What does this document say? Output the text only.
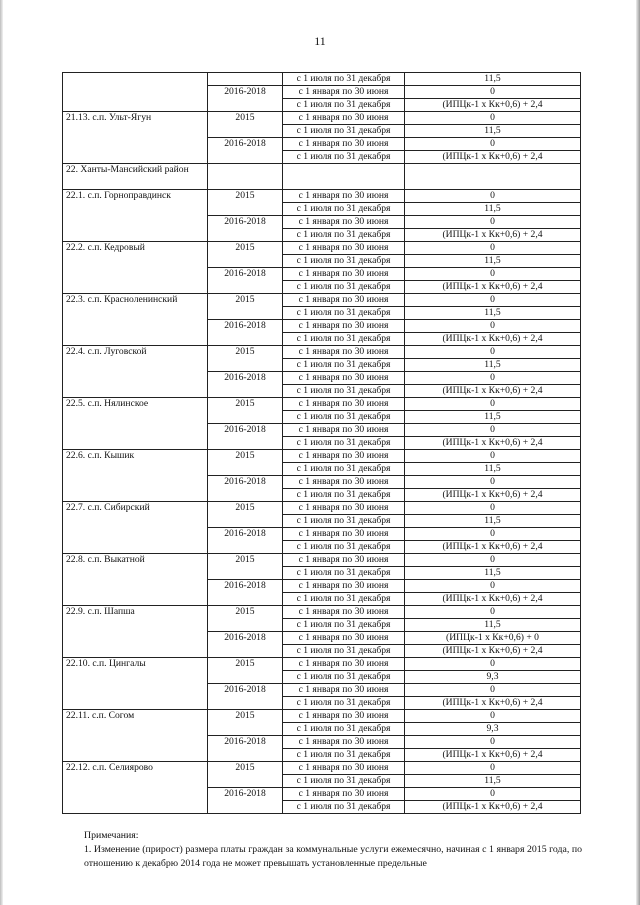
11
		с 1 июля по 31 декабря	11,5
	2016-2018	с 1 января по 30 июня	0
		с 1 июля по 31 декабря	(ИПЦк-1 x Кк+0,6) + 2,4
21.13. с.п. Ульт-Ягун	2015	с 1 января по 30 июня	0
		с 1 июля по 31 декабря	11,5
	2016-2018	с 1 января по 30 июня	0
		с 1 июля по 31 декабря	(ИПЦк-1 x Кк+0,6) + 2,4
22. Ханты-Мансийский район			
22.1. с.п. Горноправдинск	2015	с 1 января по 30 июня	0
		с 1 июля по 31 декабря	11,5
	2016-2018	с 1 января по 30 июня	0
		с 1 июля по 31 декабря	(ИПЦк-1 x Кк+0,6) + 2,4
22.2. с.п. Кедровый	2015	с 1 января по 30 июня	0
		с 1 июля по 31 декабря	11,5
	2016-2018	с 1 января по 30 июня	0
		с 1 июля по 31 декабря	(ИПЦк-1 x Кк+0,6) + 2,4
22.3. с.п. Красноленинский	2015	с 1 января по 30 июня	0
		с 1 июля по 31 декабря	11,5
	2016-2018	с 1 января по 30 июня	0
		с 1 июля по 31 декабря	(ИПЦк-1 x Кк+0,6) + 2,4
22.4. с.п. Луговской	2015	с 1 января по 30 июня	0
		с 1 июля по 31 декабря	11,5
	2016-2018	с 1 января по 30 июня	0
		с 1 июля по 31 декабря	(ИПЦк-1 x Кк+0,6) + 2,4
22.5. с.п. Нялинское	2015	с 1 января по 30 июня	0
		с 1 июля по 31 декабря	11,5
	2016-2018	с 1 января по 30 июня	0
		с 1 июля по 31 декабря	(ИПЦк-1 x Кк+0,6) + 2,4
22.6. с.п. Кышик	2015	с 1 января по 30 июня	0
		с 1 июля по 31 декабря	11,5
	2016-2018	с 1 января по 30 июня	0
		с 1 июля по 31 декабря	(ИПЦк-1 x Кк+0,6) + 2,4
22.7. с.п. Сибирский	2015	с 1 января по 30 июня	0
		с 1 июля по 31 декабря	11,5
	2016-2018	с 1 января по 30 июня	0
		с 1 июля по 31 декабря	(ИПЦк-1 x Кк+0,6) + 2,4
22.8. с.п. Выкатной	2015	с 1 января по 30 июня	0
		с 1 июля по 31 декабря	11,5
	2016-2018	с 1 января по 30 июня	0
		с 1 июля по 31 декабря	(ИПЦк-1 x Кк+0,6) + 2,4
22.9. с.п. Шапша	2015	с 1 января по 30 июня	0
		с 1 июля по 31 декабря	11,5
	2016-2018	с 1 января по 30 июня	(ИПЦк-1 x Кк+0,6) + 0
		с 1 июля по 31 декабря	(ИПЦк-1 x Кк+0,6) + 2,4
22.10. с.п. Цингалы	2015	с 1 января по 30 июня	0
		с 1 июля по 31 декабря	9,3
	2016-2018	с 1 января по 30 июня	0
		с 1 июля по 31 декабря	(ИПЦк-1 x Кк+0,6) + 2,4
22.11. с.п. Согом	2015	с 1 января по 30 июня	0
		с 1 июля по 31 декабря	9,3
	2016-2018	с 1 января по 30 июня	0
		с 1 июля по 31 декабря	(ИПЦк-1 x Кк+0,6) + 2,4
22.12. с.п. Селиярово	2015	с 1 января по 30 июня	0
		с 1 июля по 31 декабря	11,5
	2016-2018	с 1 января по 30 июня	0
		с 1 июля по 31 декабря	(ИПЦк-1 x Кк+0,6) + 2,4

Примечания:

1. Изменение (прирост) размера платы граждан за коммунальные услуги ежемесячно, начиная с 1 января 2015 года, по отношению к декабрю 2014 года не может превышать установленные предельные
